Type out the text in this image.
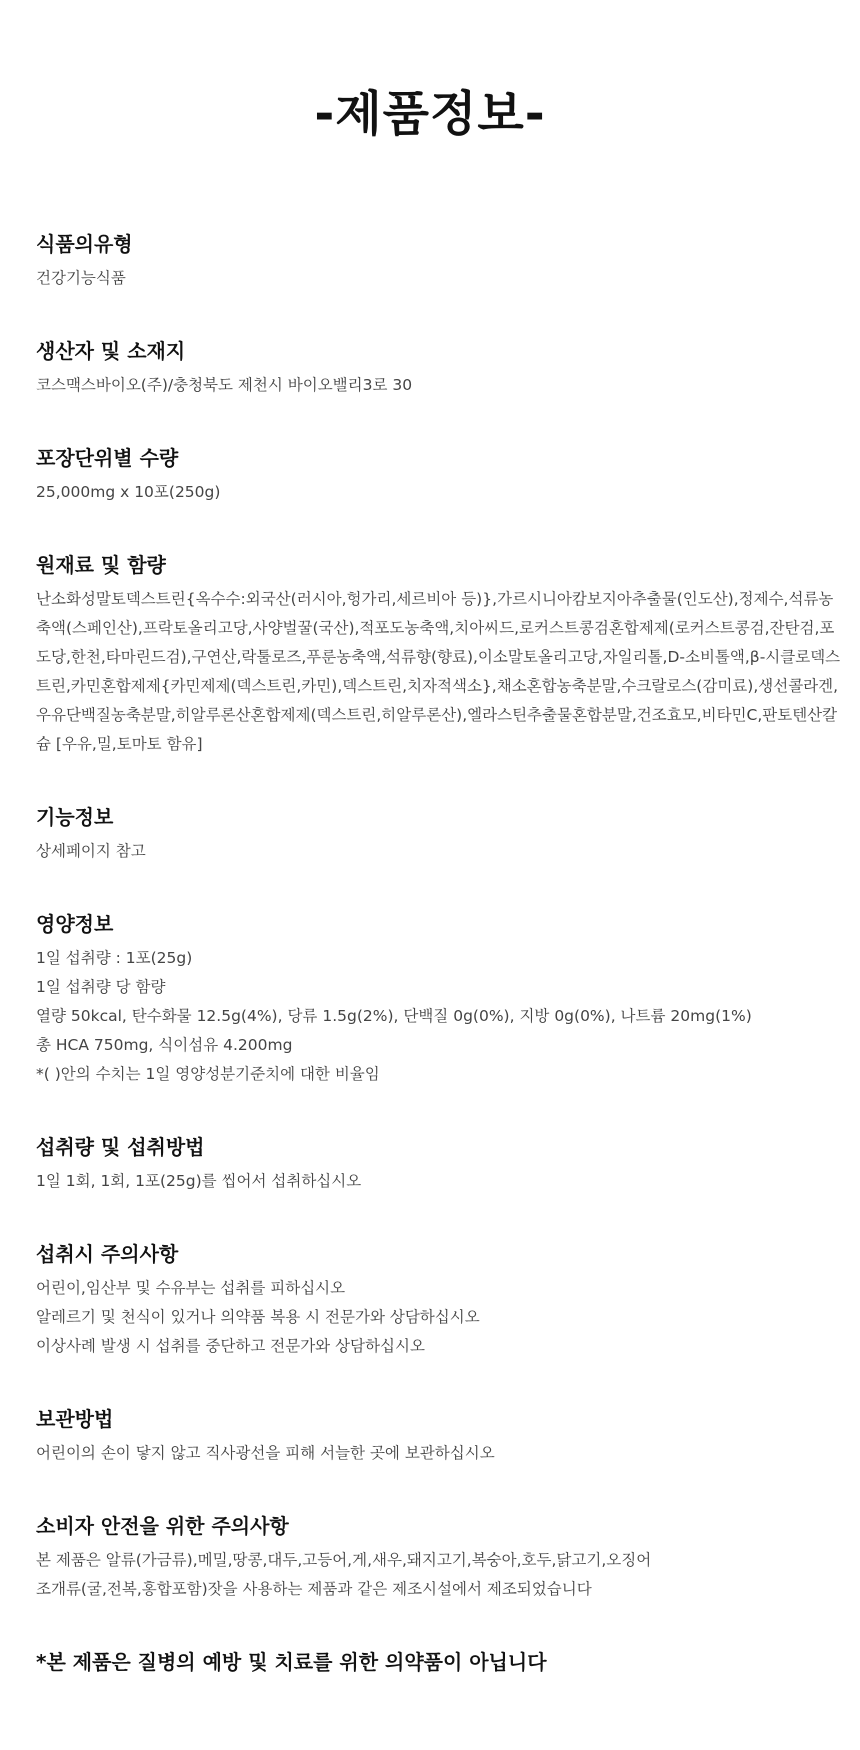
-제품정보-
식품의유형
건강기능식품
생산자 및 소재지
코스맥스바이오(주)/충청북도 제천시 바이오밸리3로 30
포장단위별 수량
25,000mg x 10포(250g)
원재료 및 함량
난소화성말토덱스트린{옥수수:외국산(러시아,헝가리,세르비아 등)},가르시니아캄보지아추출물(인도산),정제수,석류농축액(스페인산),프락토올리고당,사양벌꿀(국산),적포도농축액,치아씨드,로커스트콩검혼합제제(로커스트콩검,잔탄검,포도당,한천,타마린드검),구연산,락툴로즈,푸룬농축액,석류향(향료),이소말토올리고당,자일리톨,D-소비톨액,β-시클로덱스트린,카민혼합제제{카민제제(덱스트린,카민),덱스트린,치자적색소},채소혼합농축분말,수크랄로스(감미료),생선콜라겐,우유단백질농축분말,히알루론산혼합제제(덱스트린,히알루론산),엘라스틴추출물혼합분말,건조효모,비타민C,판토텐산칼슘 [우유,밀,토마토 함유]
기능정보
상세페이지 참고
영양정보
1일 섭취량 : 1포(25g)
1일 섭취량 당 함량
열량 50kcal, 탄수화물 12.5g(4%), 당류 1.5g(2%), 단백질 0g(0%), 지방 0g(0%), 나트륨 20mg(1%)
총 HCA 750mg, 식이섬유 4.200mg
*( )안의 수치는 1일 영양성분기준치에 대한 비율임
섭취량 및 섭취방법
1일 1회, 1회, 1포(25g)를 씹어서 섭취하십시오
섭취시 주의사항
어린이,임산부 및 수유부는 섭취를 피하십시오
알레르기 및 천식이 있거나 의약품 복용 시 전문가와 상담하십시오
이상사례 발생 시 섭취를 중단하고 전문가와 상담하십시오
보관방법
어린이의 손이 닿지 않고 직사광선을 피해 서늘한 곳에 보관하십시오
소비자 안전을 위한 주의사항
본 제품은 알류(가금류),메밀,땅콩,대두,고등어,게,새우,돼지고기,복숭아,호두,닭고기,오징어
조개류(굴,전복,홍합포함)잣을 사용하는 제품과 같은 제조시설에서 제조되었습니다
*본 제품은 질병의 예방 및 치료를 위한 의약품이 아닙니다
